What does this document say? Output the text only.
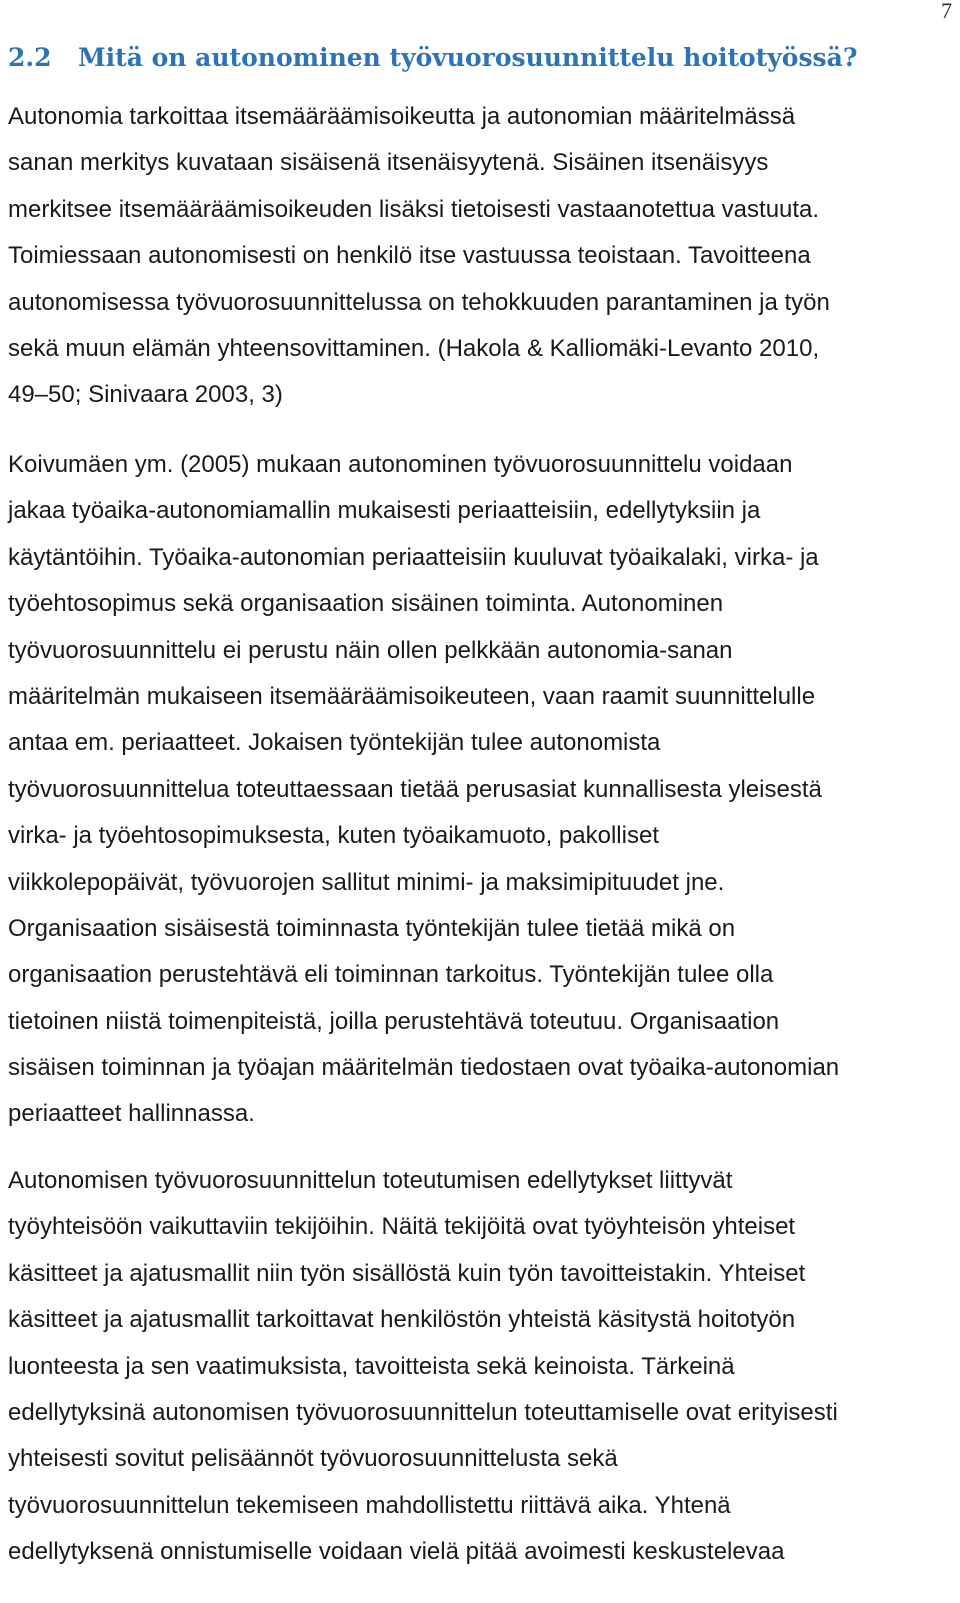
7
2.2 Mitä on autonominen työvuorosuunnittelu hoitotyössä?
Autonomia tarkoittaa itsemääräämisoikeutta ja autonomian määritelmässä
sanan merkitys kuvataan sisäisenä itsenäisyytenä. Sisäinen itsenäisyys
merkitsee itsemääräämisoikeuden lisäksi tietoisesti vastaanotettua vastuuta.
Toimiessaan autonomisesti on henkilö itse vastuussa teoistaan. Tavoitteena
autonomisessa työvuorosuunnittelussa on tehokkuuden parantaminen ja työn
sekä muun elämän yhteensovittaminen. (Hakola & Kalliomäki-Levanto 2010,
49–50; Sinivaara 2003, 3)
Koivumäen ym. (2005) mukaan autonominen työvuorosuunnittelu voidaan
jakaa työaika-autonomiamallin mukaisesti periaatteisiin, edellytyksiin ja
käytäntöihin. Työaika-autonomian periaatteisiin kuuluvat työaikalaki, virka- ja
työehtosopimus sekä organisaation sisäinen toiminta. Autonominen
työvuorosuunnittelu ei perustu näin ollen pelkkään autonomia-sanan
määritelmän mukaiseen itsemääräämisoikeuteen, vaan raamit suunnittelulle
antaa em. periaatteet. Jokaisen työntekijän tulee autonomista
työvuorosuunnittelua toteuttaessaan tietää perusasiat kunnallisesta yleisestä
virka- ja työehtosopimuksesta, kuten työaikamuoto, pakolliset
viikkolepopäivät, työvuorojen sallitut minimi- ja maksimipituudet jne.
Organisaation sisäisestä toiminnasta työntekijän tulee tietää mikä on
organisaation perustehtävä eli toiminnan tarkoitus. Työntekijän tulee olla
tietoinen niistä toimenpiteistä, joilla perustehtävä toteutuu. Organisaation
sisäisen toiminnan ja työajan määritelmän tiedostaen ovat työaika-autonomian
periaatteet hallinnassa.
Autonomisen työvuorosuunnittelun toteutumisen edellytykset liittyvät
työyhteisöön vaikuttaviin tekijöihin. Näitä tekijöitä ovat työyhteisön yhteiset
käsitteet ja ajatusmallit niin työn sisällöstä kuin työn tavoitteistakin. Yhteiset
käsitteet ja ajatusmallit tarkoittavat henkilöstön yhteistä käsitystä hoitotyön
luonteesta ja sen vaatimuksista, tavoitteista sekä keinoista. Tärkeinä
edellytyksinä autonomisen työvuorosuunnittelun toteuttamiselle ovat erityisesti
yhteisesti sovitut pelisäännöt työvuorosuunnittelusta sekä
työvuorosuunnittelun tekemiseen mahdollistettu riittävä aika. Yhtenä
edellytyksenä onnistumiselle voidaan vielä pitää avoimesti keskustelevaa
